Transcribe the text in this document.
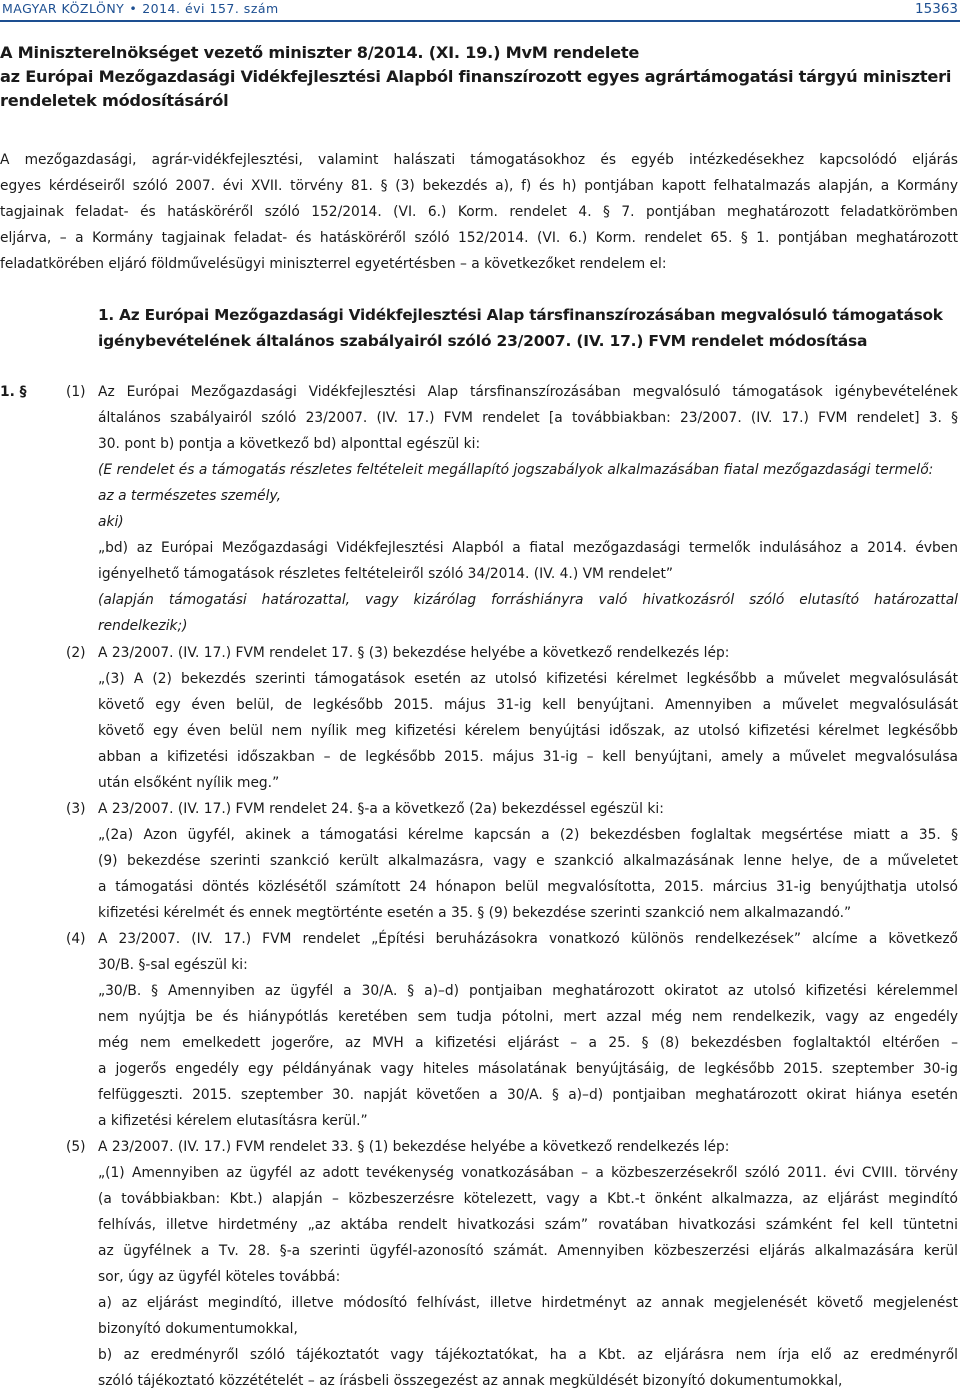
MAGYAR KÖZLÖNY • 2014. évi 157. szám	15363
A Miniszterelnökséget vezető miniszter 8/2014. (XI. 19.) MvM rendelete
az Európai Mezőgazdasági Vidékfejlesztési Alapból finanszírozott egyes agrártámogatási tárgyú miniszteri
rendeletek módosításáról
A mezőgazdasági, agrár-vidékfejlesztési, valamint halászati támogatásokhoz és egyéb intézkedésekhez kapcsolódó eljárás
egyes kérdéseiről szóló 2007. évi XVII. törvény 81. § (3) bekezdés a), f) és h) pontjában kapott felhatalmazás alapján, a Kormány
tagjainak feladat- és hatásköréről szóló 152/2014. (VI. 6.) Korm. rendelet 4. § 7. pontjában meghatározott feladatkörömben
eljárva, – a Kormány tagjainak feladat- és hatásköréről szóló 152/2014. (VI. 6.) Korm. rendelet 65. § 1. pontjában meghatározott
feladatkörében eljáró földművelésügyi miniszterrel egyetértésben – a következőket rendelem el:
1. Az Európai Mezőgazdasági Vidékfejlesztési Alap társfinanszírozásában megvalósuló támogatások
igénybevételének általános szabályairól szóló 23/2007. (IV. 17.) FVM rendelet módosítása
1. §	(1) Az Európai Mezőgazdasági Vidékfejlesztési Alap társfinanszírozásában megvalósuló támogatások igénybevételének
általános szabályairól szóló 23/2007. (IV. 17.) FVM rendelet [a továbbiakban: 23/2007. (IV. 17.) FVM rendelet] 3. §
30. pont b) pontja a következő bd) alponttal egészül ki:
(E rendelet és a támogatás részletes feltételeit megállapító jogszabályok alkalmazásában fiatal mezőgazdasági termelő:
az a természetes személy,
aki)
„bd) az Európai Mezőgazdasági Vidékfejlesztési Alapból a fiatal mezőgazdasági termelők indulásához a 2014. évben
igényelhető támogatások részletes feltételeiről szóló 34/2014. (IV. 4.) VM rendelet”
(alapján támogatási határozattal, vagy kizárólag forráshiányra való hivatkozásról szóló elutasító határozattal
rendelkezik;)
(2) A 23/2007. (IV. 17.) FVM rendelet 17. § (3) bekezdése helyébe a következő rendelkezés lép:
„(3) A (2) bekezdés szerinti támogatások esetén az utolsó kifizetési kérelmet legkésőbb a művelet megvalósulását
követő egy éven belül, de legkésőbb 2015. május 31-ig kell benyújtani. Amennyiben a művelet megvalósulását
követő egy éven belül nem nyílik meg kifizetési kérelem benyújtási időszak, az utolsó kifizetési kérelmet legkésőbb
abban a kifizetési időszakban – de legkésőbb 2015. május 31-ig – kell benyújtani, amely a művelet megvalósulása
után elsőként nyílik meg.”
(3) A 23/2007. (IV. 17.) FVM rendelet 24. §-a a következő (2a) bekezdéssel egészül ki:
„(2a) Azon ügyfél, akinek a támogatási kérelme kapcsán a (2) bekezdésben foglaltak megsértése miatt a 35. §
(9) bekezdése szerinti szankció került alkalmazásra, vagy e szankció alkalmazásának lenne helye, de a műveletet
a támogatási döntés közlésétől számított 24 hónapon belül megvalósította, 2015. március 31-ig benyújthatja utolsó
kifizetési kérelmét és ennek megtörténte esetén a 35. § (9) bekezdése szerinti szankció nem alkalmazandó.”
(4) A 23/2007. (IV. 17.) FVM rendelet „Építési beruházásokra vonatkozó különös rendelkezések” alcíme a következő
30/B. §-sal egészül ki:
„30/B. § Amennyiben az ügyfél a 30/A. § a)–d) pontjaiban meghatározott okiratot az utolsó kifizetési kérelemmel
nem nyújtja be és hiánypótlás keretében sem tudja pótolni, mert azzal még nem rendelkezik, vagy az engedély
még nem emelkedett jogerőre, az MVH a kifizetési eljárást – a 25. § (8) bekezdésben foglaltaktól eltérően –
a jogerős engedély egy példányának vagy hiteles másolatának benyújtásáig, de legkésőbb 2015. szeptember 30-ig
felfüggeszti. 2015. szeptember 30. napját követően a 30/A. § a)–d) pontjaiban meghatározott okirat hiánya esetén
a kifizetési kérelem elutasításra kerül.”
(5) A 23/2007. (IV. 17.) FVM rendelet 33. § (1) bekezdése helyébe a következő rendelkezés lép:
„(1) Amennyiben az ügyfél az adott tevékenység vonatkozásában – a közbeszerzésekről szóló 2011. évi CVIII. törvény
(a továbbiakban: Kbt.) alapján – közbeszerzésre kötelezett, vagy a Kbt.-t önként alkalmazza, az eljárást megindító
felhívás, illetve hirdetmény „az aktába rendelt hivatkozási szám” rovatában hivatkozási számként fel kell tüntetni
az ügyfélnek a Tv. 28. §-a szerinti ügyfél-azonosító számát. Amennyiben közbeszerzési eljárás alkalmazására kerül
sor, úgy az ügyfél köteles továbbá:
a) az eljárást megindító, illetve módosító felhívást, illetve hirdetményt az annak megjelenését követő megjelenést
bizonyító dokumentumokkal,
b) az eredményről szóló tájékoztatót vagy tájékoztatókat, ha a Kbt. az eljárásra nem írja elő az eredményről
szóló tájékoztató közzétételét – az írásbeli összegezést az annak megküldését bizonyító dokumentumokkal,
